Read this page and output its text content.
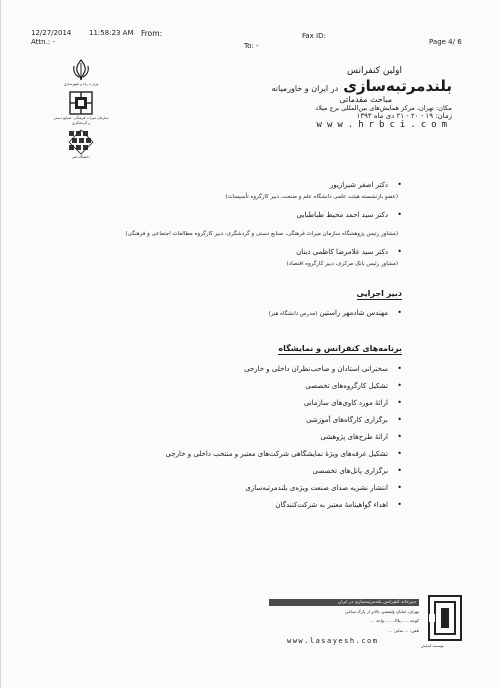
12/27/2014	11:58:23 AM From:
Attn.: -
Fax ID:
To: -	Page 4/ 6
وزارت راه و شهرسازی
سازمان میراث فرهنگی، صنایع دستی و گردشگری
دانشگاه هنر
اولین کنفرانس
بلندمرتبه‌سازی در ایران و خاورمیانه
مباحث مقدماتی
مکان: تهران، مرکز همایش‌های بین‌المللی برج میلاد
زمان: ۱۹ - ۲۰ - ۲۱ دی ماه ۱۳۹۳
www.hrbci.com
• دکتر اصغر شیرازپور
(عضو بازنشسته هیئت علمی دانشگاه علم و صنعت، دبیر کارگروه تأسیسات)
• دکتر سید احمد محیط طباطبایی
(مشاور رئیس پژوهشگاه سازمان میراث فرهنگی، صنایع دستی و گردشگری، دبیر کارگروه مطالعات اجتماعی و فرهنگی)
• دکتر سید غلامرضا کاظمی دینان
(مشاور رئیس بانک مرکزی، دبیر کارگروه اقتصاد)
دبیر اجرایی
• مهندس شادمهر راستین (مدرس دانشگاه هنر)
برنامه‌های کنفرانس و نمایشگاه
• سخنرانی استادان و صاحب‌نظران داخلی و خارجی
• تشکیل کارگروه‌های تخصصی
• ارائهٔ مورد کاوی‌های سازمانی
• برگزاری کارگاه‌های آموزشی
• ارائهٔ طرح‌های پژوهشی
• تشکیل غرفه‌های ویژهٔ نمایشگاهی شرکت‌های معتبر و منتخب داخلی و خارجی
• برگزاری پانل‌های تخصصی
• انتشار نشریه صدای صنعت ویژه‌ی بلندمرتبه‌سازی
• اهداء گواهینامهٔ معتبر به شرکت‌کنندگان
دبیرخانه کنفرانس بلندمرتبه‌سازی در ایران
تهران، خیابان ولیعصر، بالاتر از پارک ساعی
کوچه ... ، پلاک ... ، واحد ...
تلفن: ... نمابر: ...
www.lasayesh.com
مؤسسه آسایش
